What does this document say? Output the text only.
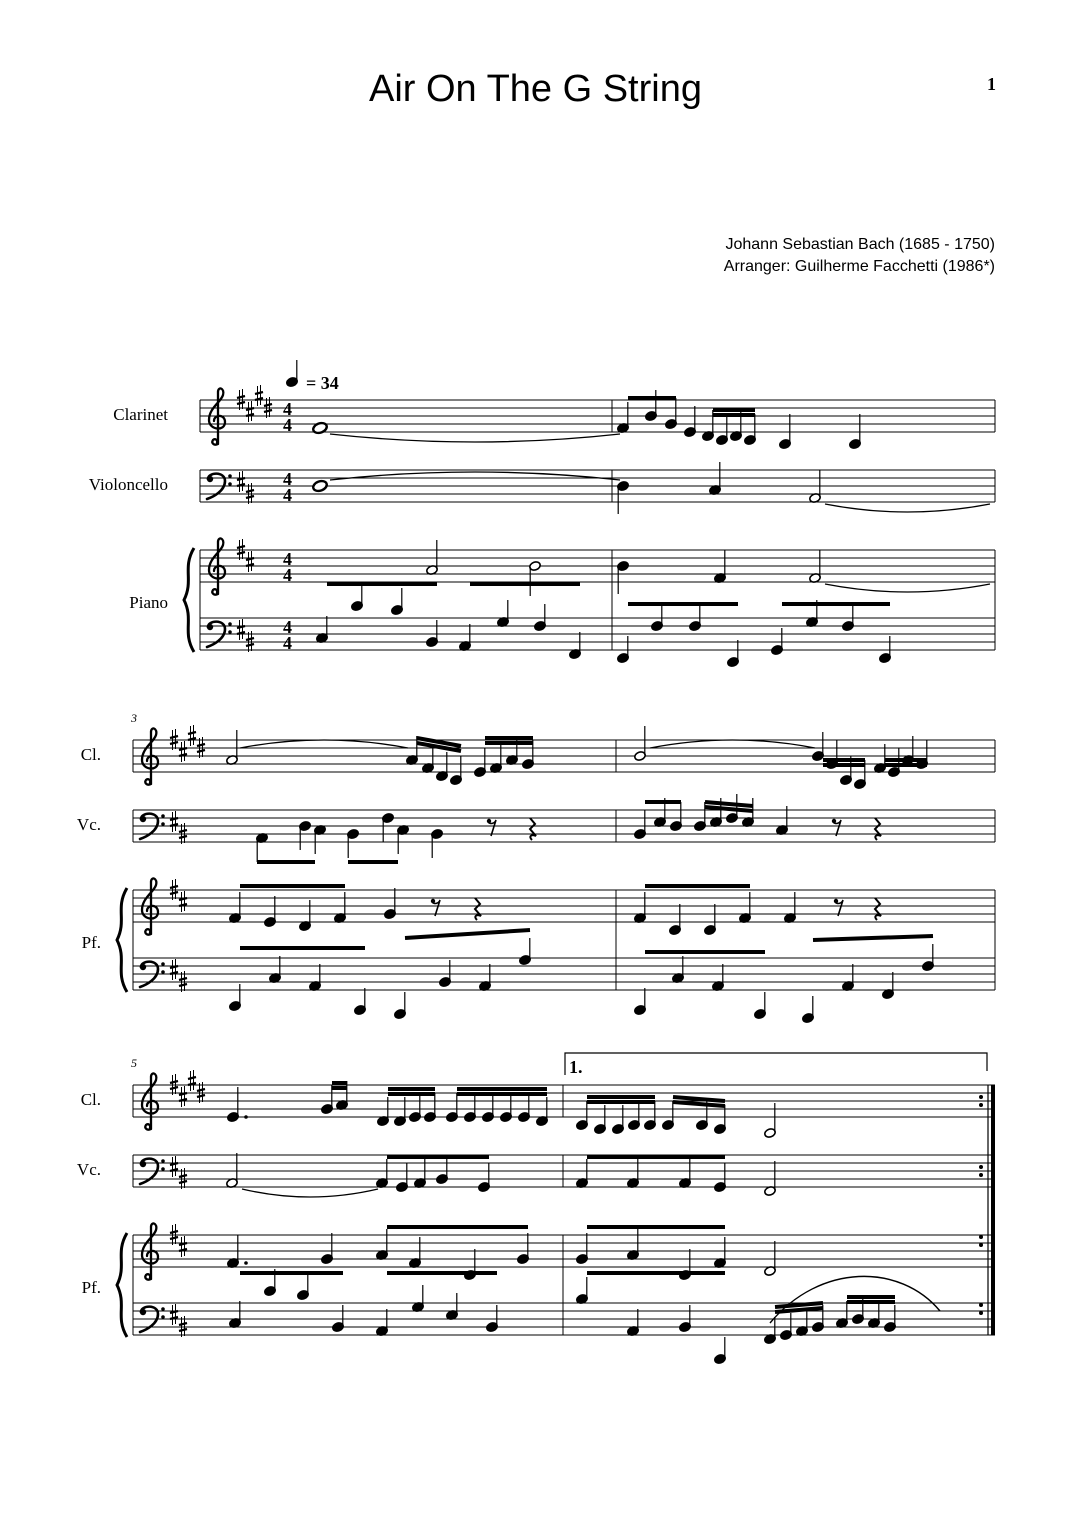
Air On The G String	1
Johann Sebastian Bach (1685 - 1750)
Arranger: Guilherme Facchetti (1986*)
Clarinet
Violoncello
Piano
4
4
4
4
4
4
4
4
Cl.
Vc.
Pf.
3
Cl.
Vc.
Pf.
5
= 34
1.
